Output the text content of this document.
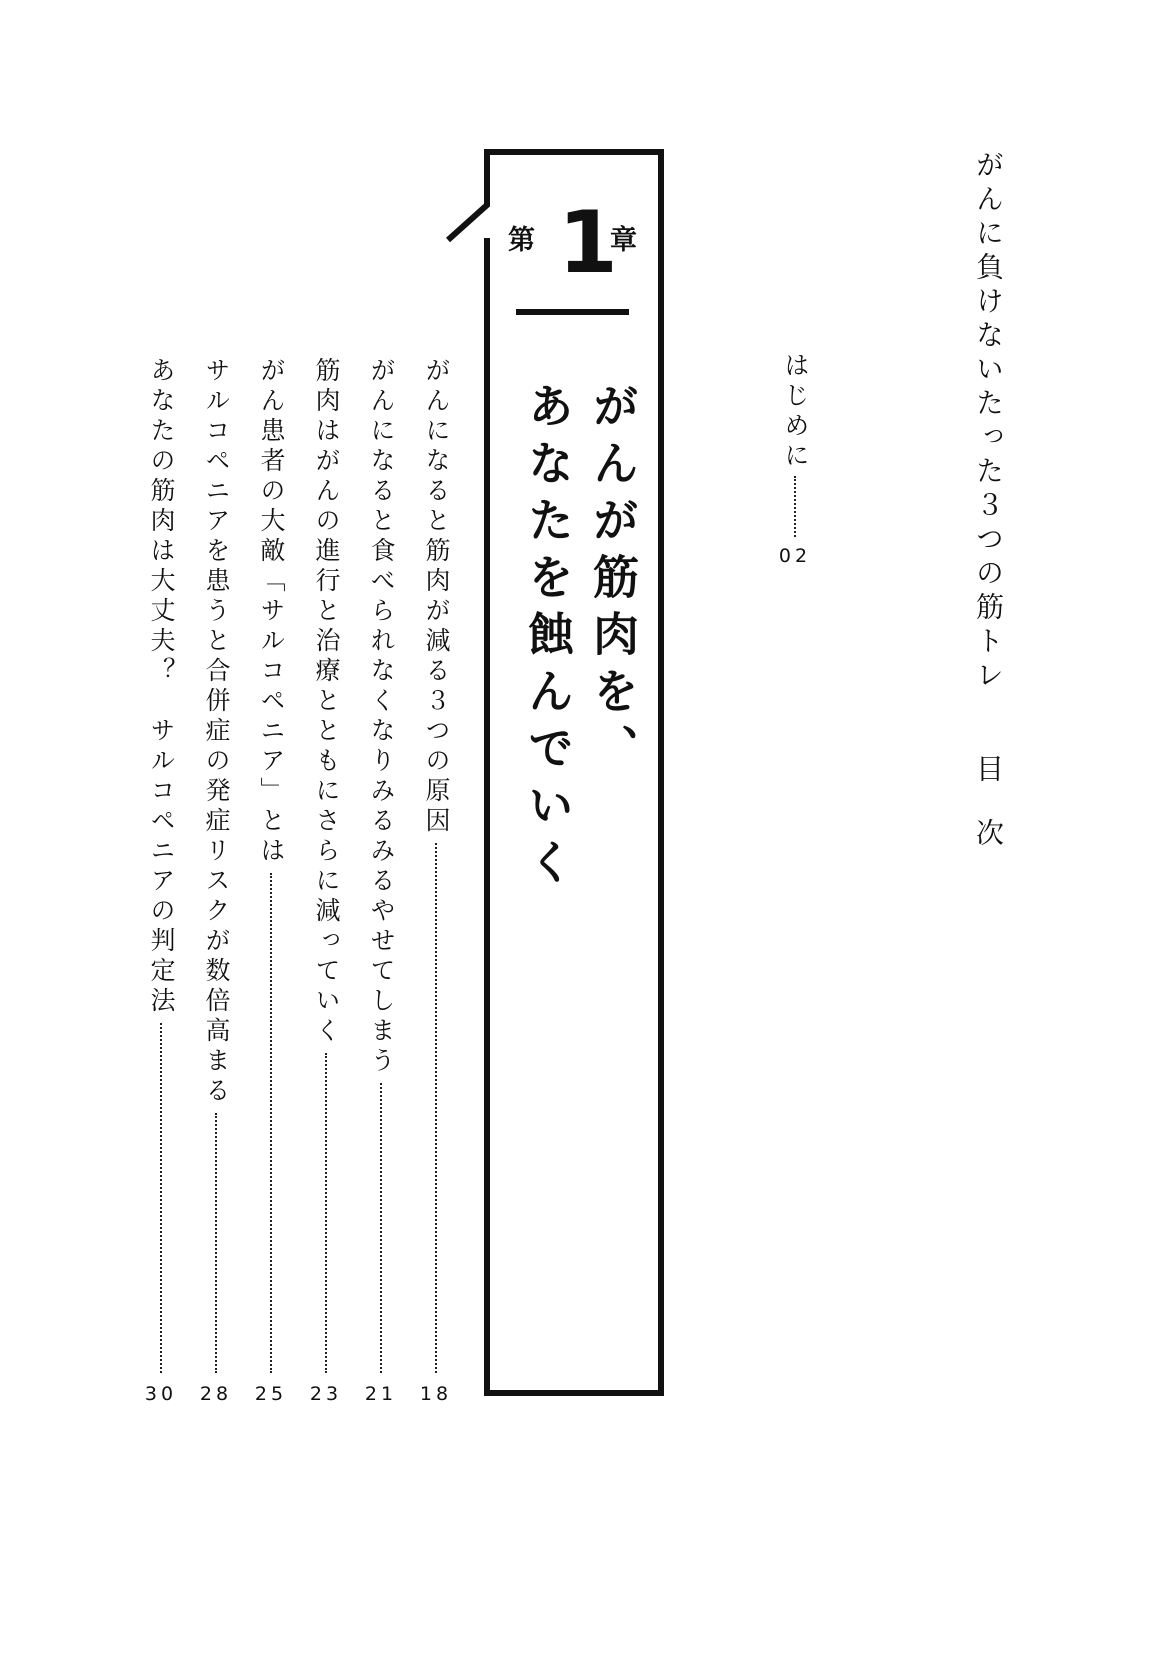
がんに負けないたった３つの筋トレ目次
はじめに
02
第 1
章
がんが筋肉を、
あなたを蝕んでいく
がんになると筋肉が減る３つの原因
18
がんになると食べられなくなりみるみるやせてしまう
21
筋肉はがんの進行と治療とともにさらに減っていく
23
がん患者の大敵「サルコペニア」とは
25
サルコペニアを患うと合併症の発症リスクが数倍高まる
28
あなたの筋肉は大丈夫？　サルコペニアの判定法
30
